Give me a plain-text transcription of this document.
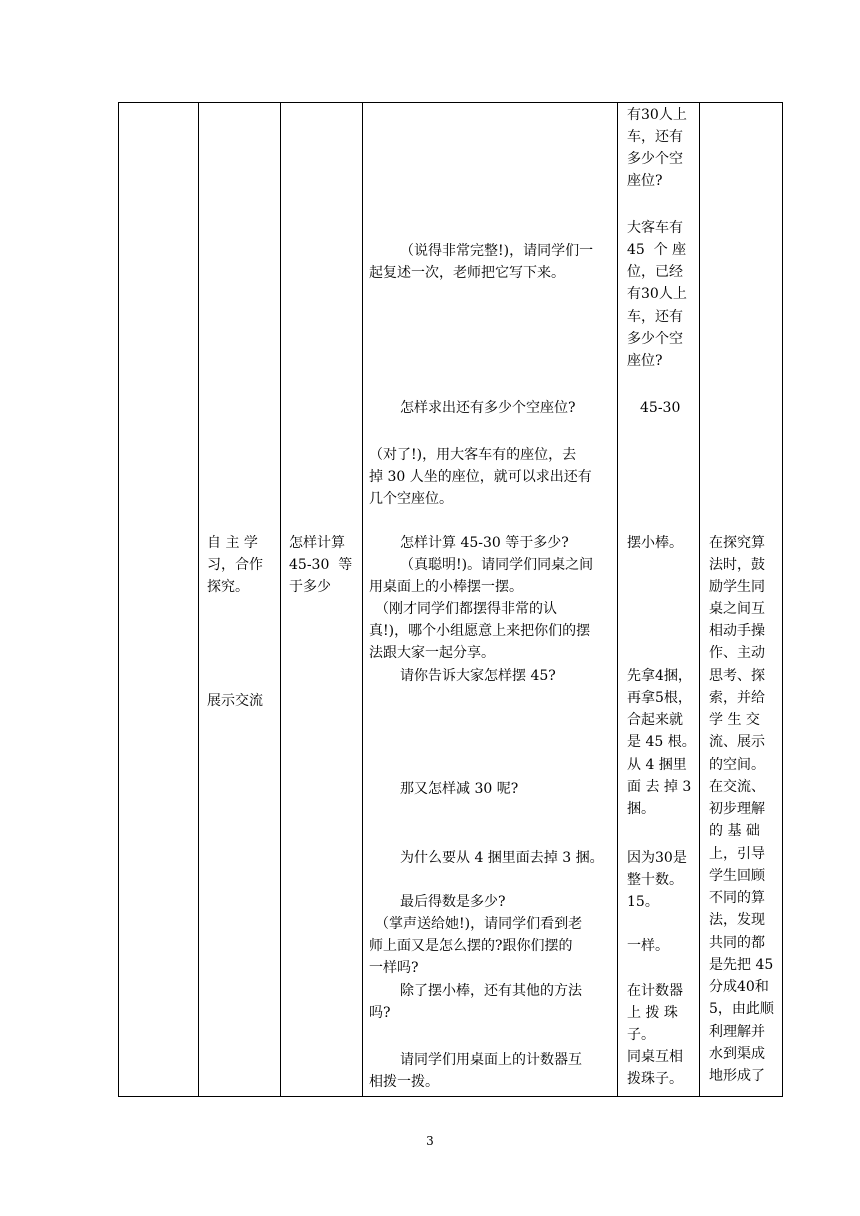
自 主 学

习，合作

探究。

展示交流

怎样计算

45-30  等

于多少

（说得非常完整!)，请同学们一

起复述一次，老师把它写下来。

怎样求出还有多少个空座位?

（对了!)，用大客车有的座位，去

掉 30 人坐的座位，就可以求出还有

几个空座位。

怎样计算 45-30 等于多少?

（真聪明!)。请同学们同桌之间

用桌面上的小棒摆一摆。

（刚才同学们都摆得非常的认

真!)，哪个小组愿意上来把你们的摆

法跟大家一起分享。

请你告诉大家怎样摆 45?

那又怎样减 30 呢?

为什么要从 4 捆里面去掉 3 捆。

最后得数是多少?

（掌声送给她!)，请同学们看到老

师上面又是怎么摆的?跟你们摆的

一样吗?

除了摆小棒，还有其他的方法

吗?

请同学们用桌面上的计数器互

相拨一拨。

有30人上

车，还有

多少个空

座位?

大客车有

45  个 座

位，已经

有30人上

车，还有

多少个空

座位?

45-30

摆小棒。

先拿4捆，

再拿5根，

合起来就

是 45 根。

从 4 捆里

面 去 掉 3

捆。

因为30是

整十数。

15。

一样。

在计数器

上 拨 珠

子。

同桌互相

拨珠子。

在探究算

法时，鼓

励学生同

桌之间互

相动手操

作、主动

思考、探

索，并给

学 生 交

流、展示

的空间。

在交流、

初步理解

的 基 础

上，引导

学生回顾

不同的算

法，发现

共同的都

是先把 45

分成40和

5，由此顺

利理解并

水到渠成

地形成了

3
